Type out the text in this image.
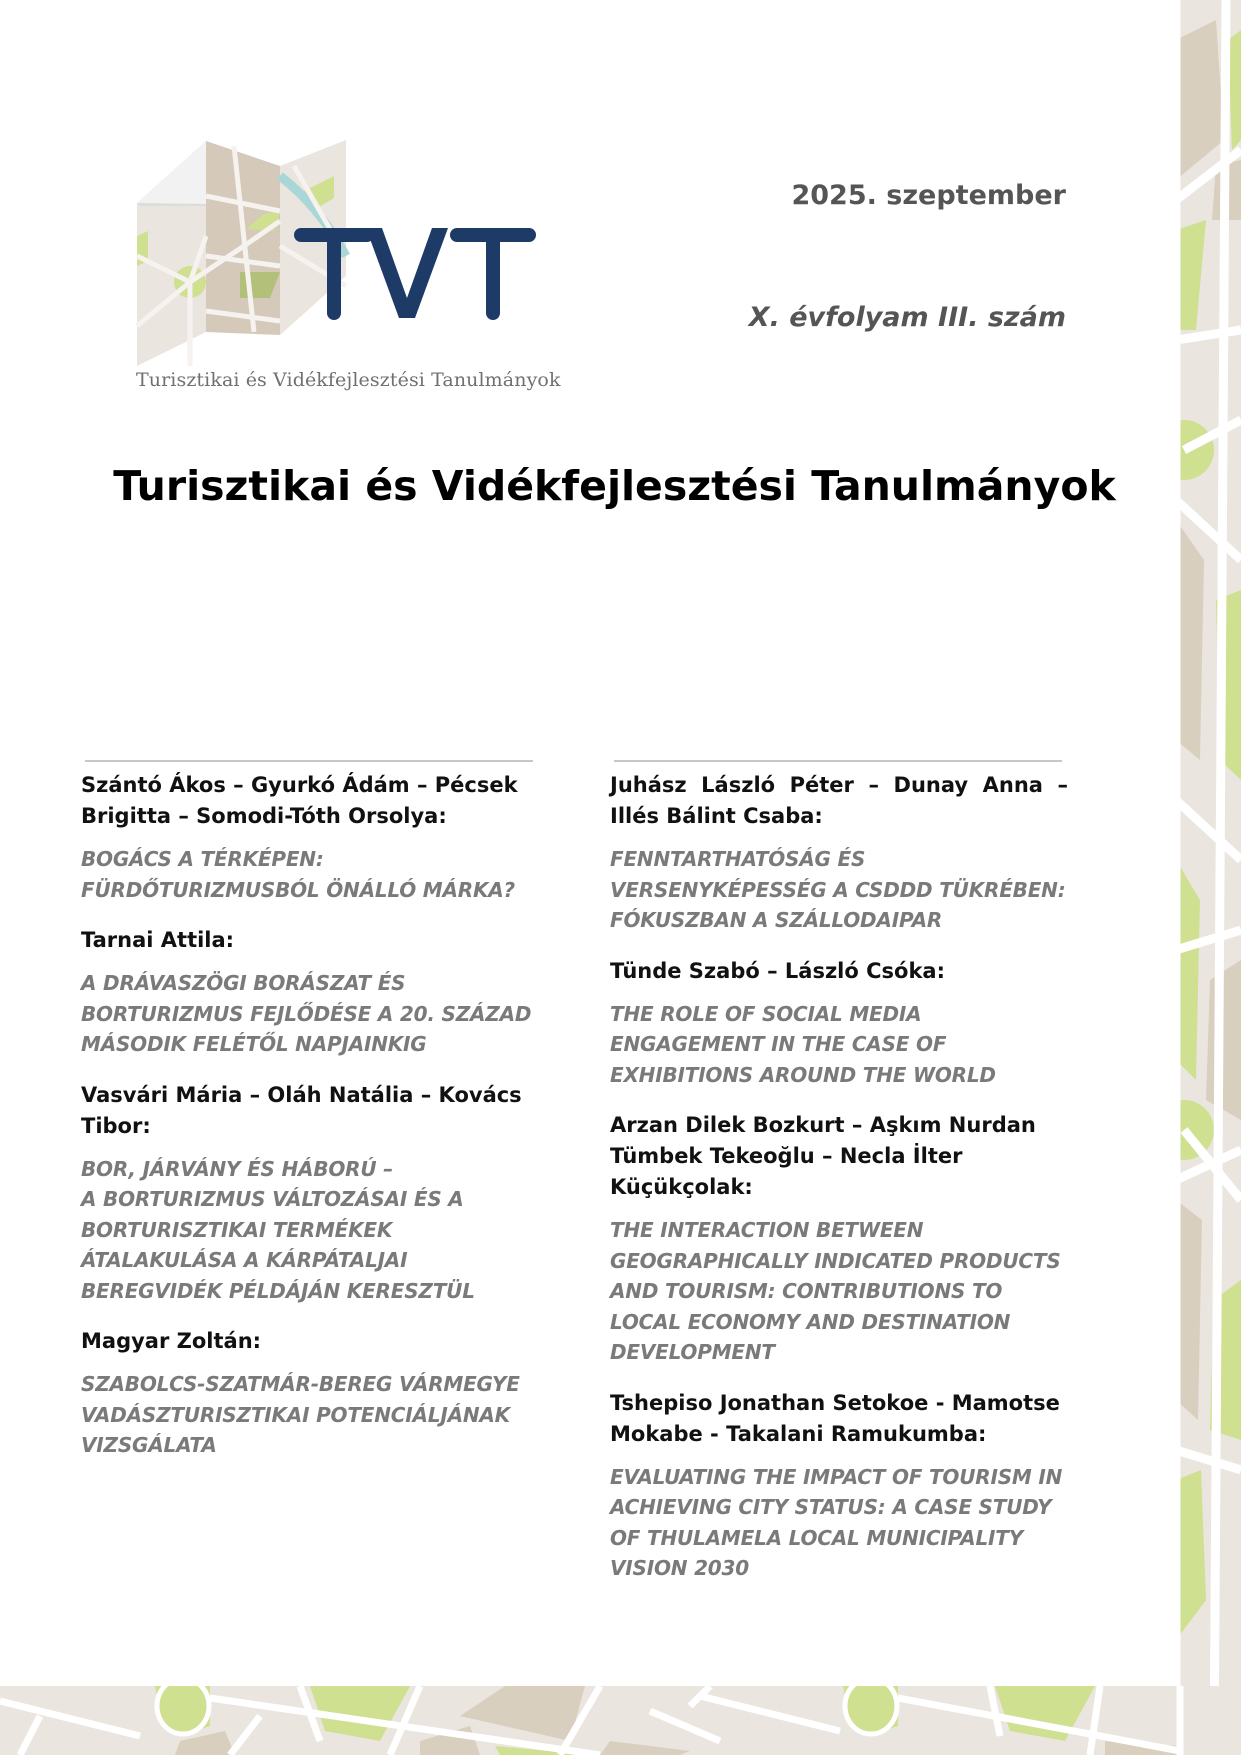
Turisztikai és Vidékfejlesztési Tanulmányok
2025. szeptember
X. évfolyam III. szám
Turisztikai és Vidékfejlesztési Tanulmányok
Szántó Ákos – Gyurkó Ádám – Pécsek Brigitta – Somodi-Tóth Orsolya:
BOGÁCS A TÉRKÉPEN: FÜRDŐTURIZMUSBÓL ÖNÁLLÓ MÁRKA?
Tarnai Attila:
A DRÁVASZÖGI BORÁSZAT ÉS BORTURIZMUS FEJLŐDÉSE A 20. SZÁZAD MÁSODIK FELÉTŐL NAPJAINKIG
Vasvári Mária – Oláh Natália – Kovács Tibor:
BOR, JÁRVÁNY ÉS HÁBORÚ –
A BORTURIZMUS VÁLTOZÁSAI ÉS A BORTURISZTIKAI TERMÉKEK ÁTALAKULÁSA A KÁRPÁTALJAI BEREGVIDÉK PÉLDÁJÁN KERESZTÜL
Magyar Zoltán:
SZABOLCS-SZATMÁR-BEREG VÁRMEGYE VADÁSZTURISZTIKAI POTENCIÁLJÁNAK VIZSGÁLATA
Juhász László Péter – Dunay Anna – Illés Bálint Csaba:
FENNTARTHATÓSÁG ÉS VERSENYKÉPESSÉG A CSDDD TÜKRÉBEN: FÓKUSZBAN A SZÁLLODAIPAR
Tünde Szabó – László Csóka:
THE ROLE OF SOCIAL MEDIA ENGAGEMENT IN THE CASE OF EXHIBITIONS AROUND THE WORLD
Arzan Dilek Bozkurt – Aşkım Nurdan Tümbek Tekeoğlu – Necla İlter Küçükçolak:
THE INTERACTION BETWEEN GEOGRAPHICALLY INDICATED PRODUCTS AND TOURISM: CONTRIBUTIONS TO LOCAL ECONOMY AND DESTINATION DEVELOPMENT
Tshepiso Jonathan Setokoe - Mamotse Mokabe - Takalani Ramukumba:
EVALUATING THE IMPACT OF TOURISM IN ACHIEVING CITY STATUS: A CASE STUDY OF THULAMELA LOCAL MUNICIPALITY VISION 2030
